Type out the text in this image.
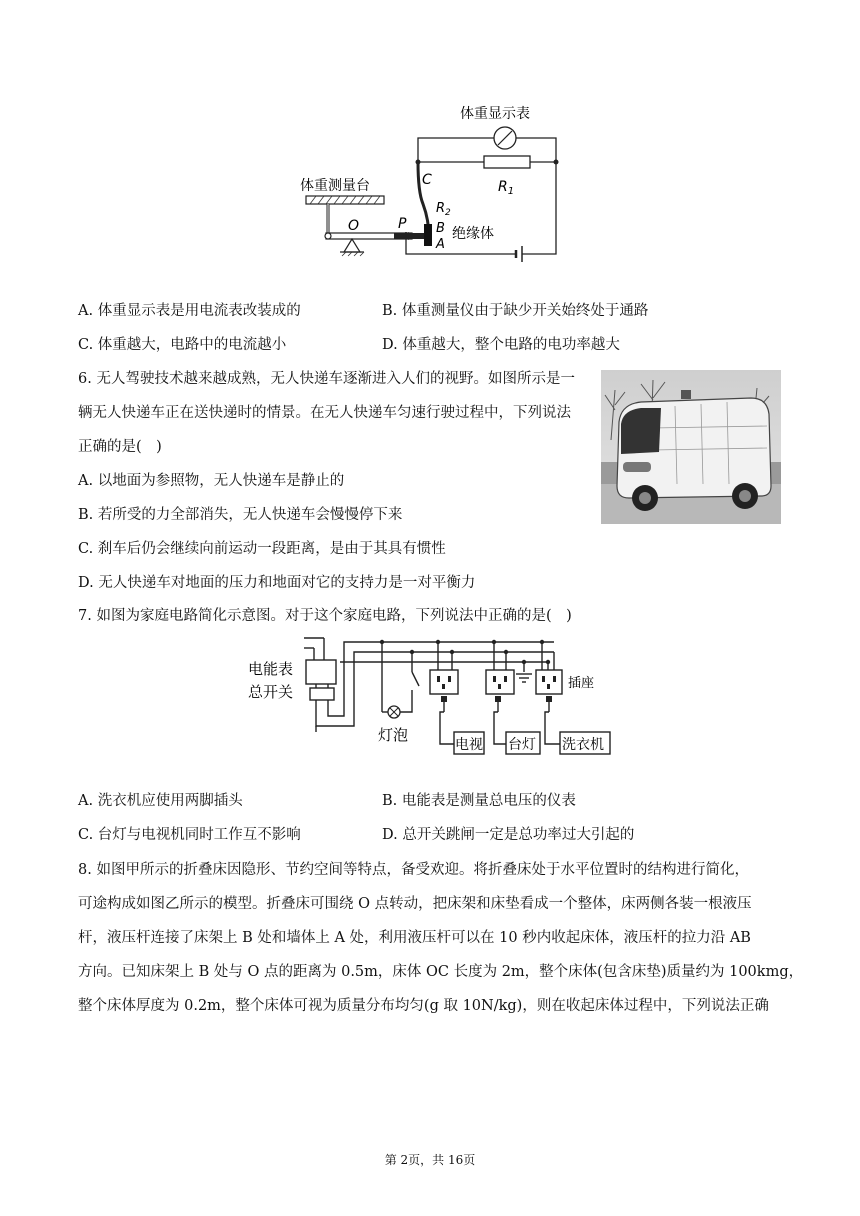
体重显示表
$R_1$
C
$R_2$
B
A
绝缘体
体重测量台
O	P
A. 体重显示表是用电流表改装成的	B. 体重测量仪由于缺少开关始终处于通路
C. 体重越大，电路中的电流越小	D. 体重越大，整个电路的电功率越大
6. 无人驾驶技术越来越成熟，无人快递车逐渐进入人们的视野。如图所示是一
辆无人快递车正在送快递时的情景。在无人快递车匀速行驶过程中，下列说法
正确的是(　)
A. 以地面为参照物，无人快递车是静止的
B. 若所受的力全部消失，无人快递车会慢慢停下来
C. 刹车后仍会继续向前运动一段距离，是由于其具有惯性
D. 无人快递车对地面的压力和地面对它的支持力是一对平衡力
7. 如图为家庭电路简化示意图。对于这个家庭电路，下列说法中正确的是(　)
电能表
总开关
灯泡
插座
电视 台灯 洗衣机
A. 洗衣机应使用两脚插头	B. 电能表是测量总电压的仪表
C. 台灯与电视机同时工作互不影响	D. 总开关跳闸一定是总功率过大引起的
8. 如图甲所示的折叠床因隐形、节约空间等特点，备受欢迎。将折叠床处于水平位置时的结构进行简化，
可途构成如图乙所示的模型。折叠床可围绕 O 点转动，把床架和床垫看成一个整体，床两侧各装一根液压
杆，液压杆连接了床架上 B 处和墙体上 A 处，利用液压杆可以在 10 秒内收起床体，液压杆的拉力沿 AB
方向。已知床架上 B 处与 O 点的距离为 0.5m，床体 OC 长度为 2m，整个床体(包含床垫)质量约为 100kmg，
整个床体厚度为 0.2m，整个床体可视为质量分布均匀(g 取 10N/kg)，则在收起床体过程中，下列说法正确
第 2页，共 16页
